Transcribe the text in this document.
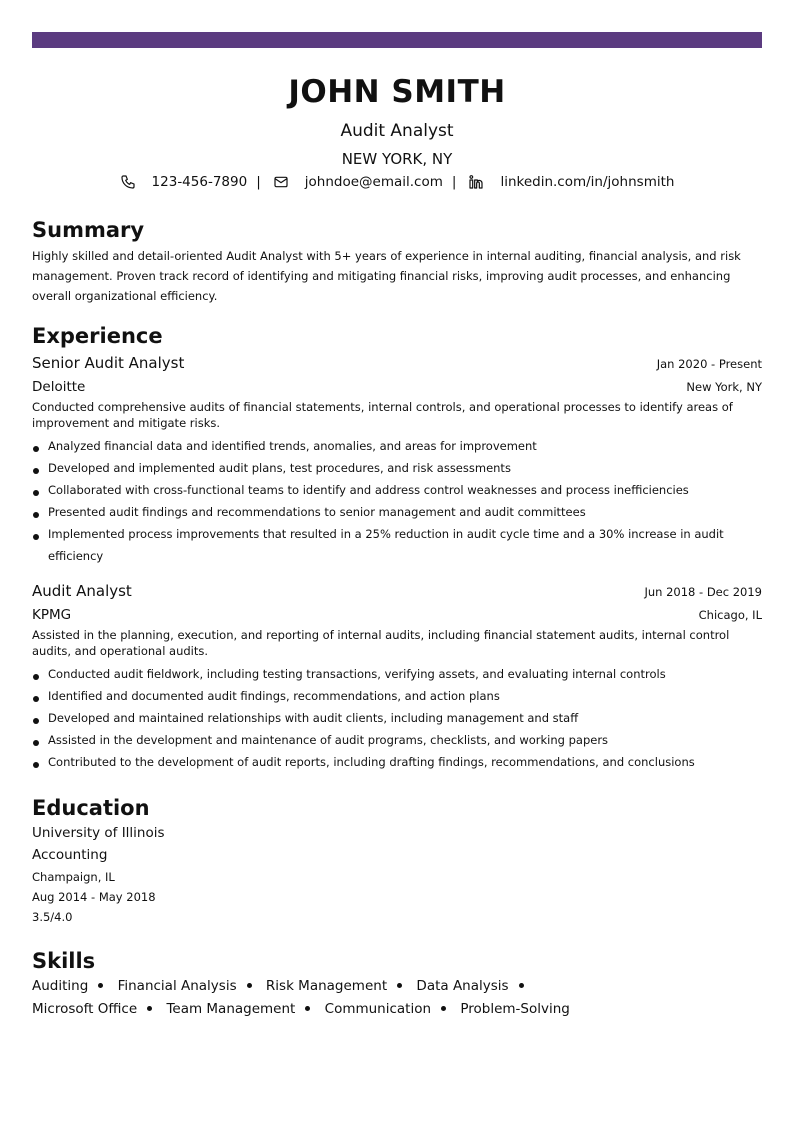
JOHN SMITH
Audit Analyst
NEW YORK, NY
123-456-7890 |	johndoe@email.com |	linkedin.com/in/johnsmith
Summary
Highly skilled and detail-oriented Audit Analyst with 5+ years of experience in internal auditing, financial analysis, and risk management. Proven track record of identifying and mitigating financial risks, improving audit processes, and enhancing overall organizational efficiency.
Experience
Senior Audit Analyst	Jan 2020 - Present
Deloitte	New York, NY
Conducted comprehensive audits of financial statements, internal controls, and operational processes to identify areas of improvement and mitigate risks.
Analyzed financial data and identified trends, anomalies, and areas for improvement
Developed and implemented audit plans, test procedures, and risk assessments
Collaborated with cross-functional teams to identify and address control weaknesses and process inefficiencies
Presented audit findings and recommendations to senior management and audit committees
Implemented process improvements that resulted in a 25% reduction in audit cycle time and a 30% increase in audit efficiency
Audit Analyst	Jun 2018 - Dec 2019
KPMG	Chicago, IL
Assisted in the planning, execution, and reporting of internal audits, including financial statement audits, internal control audits, and operational audits.
Conducted audit fieldwork, including testing transactions, verifying assets, and evaluating internal controls
Identified and documented audit findings, recommendations, and action plans
Developed and maintained relationships with audit clients, including management and staff
Assisted in the development and maintenance of audit programs, checklists, and working papers
Contributed to the development of audit reports, including drafting findings, recommendations, and conclusions
Education
University of Illinois
Accounting
Champaign, IL
Aug 2014 - May 2018
3.5/4.0
Skills
Auditing Financial Analysis Risk Management Data Analysis Microsoft Office Team Management Communication Problem-Solving
